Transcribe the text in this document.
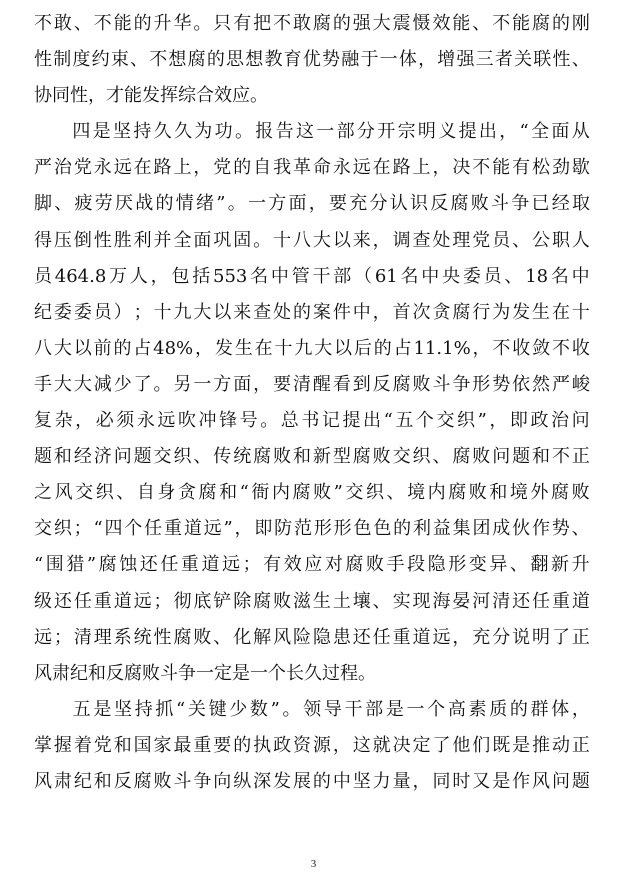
不 敢 、 不 能 的 升 华 。 只 有 把 不 敢 腐 的 强 大 震 慑 效 能 、 不 能 腐 的 刚
性 制 度 约 束 、 不 想 腐 的 思 想 教 育 优 势 融 于 一 体 ， 增 强 三 者 关 联 性 、
协 同 性 ， 才 能 发 挥 综 合 效 应 。
四 是 坚 持 久 久 为 功 。 报 告 这 一 部 分 开 宗 明 义 提 出 ， “ 全 面 从
严 治 党 永 远 在 路 上 ， 党 的 自 我 革 命 永 远 在 路 上 ， 决 不 能 有 松 劲 歇
脚 、 疲 劳 厌 战 的 情 绪 ” 。 一 方 面 ， 要 充 分 认 识 反 腐 败 斗 争 已 经 取
得 压 倒 性 胜 利 并 全 面 巩 固 。 十 八 大 以 来 ， 调 查 处 理 党 员 、 公 职 人
员 464.8 万 人 ， 包 括 553 名 中 管 干 部 （ 61 名 中 央 委 员 、 18 名 中
纪 委 委 员 ） ； 十 九 大 以 来 查 处 的 案 件 中 ， 首 次 贪 腐 行 为 发 生 在 十
八 大 以 前 的 占 48% ， 发 生 在 十 九 大 以 后 的 占 11.1% ， 不 收 敛 不 收
手 大 大 减 少 了 。 另 一 方 面 ， 要 清 醒 看 到 反 腐 败 斗 争 形 势 依 然 严 峻
复 杂 ， 必 须 永 远 吹 冲 锋 号 。 总 书 记 提 出 “ 五 个 交 织 ” ， 即 政 治 问
题 和 经 济 问 题 交 织 、 传 统 腐 败 和 新 型 腐 败 交 织 、 腐 败 问 题 和 不 正
之 风 交 织 、 自 身 贪 腐 和 “ 衙 内 腐 败 ” 交 织 、 境 内 腐 败 和 境 外 腐 败
交 织 ； “ 四 个 任 重 道 远 ” ， 即 防 范 形 形 色 色 的 利 益 集 团 成 伙 作 势 、
“ 围 猎 ” 腐 蚀 还 任 重 道 远 ； 有 效 应 对 腐 败 手 段 隐 形 变 异 、 翻 新 升
级 还 任 重 道 远 ； 彻 底 铲 除 腐 败 滋 生 土 壤 、 实 现 海 晏 河 清 还 任 重 道
远 ； 清 理 系 统 性 腐 败 、 化 解 风 险 隐 患 还 任 重 道 远 ， 充 分 说 明 了 正
风 肃 纪 和 反 腐 败 斗 争 一 定 是 一 个 长 久 过 程 。
五 是 坚 持 抓 “ 关 键 少 数 ” 。 领 导 干 部 是 一 个 高 素 质 的 群 体 ，
掌 握 着 党 和 国 家 最 重 要 的 执 政 资 源 ， 这 就 决 定 了 他 们 既 是 推 动 正
风 肃 纪 和 反 腐 败 斗 争 向 纵 深 发 展 的 中 坚 力 量 ， 同 时 又 是 作 风 问 题
3
